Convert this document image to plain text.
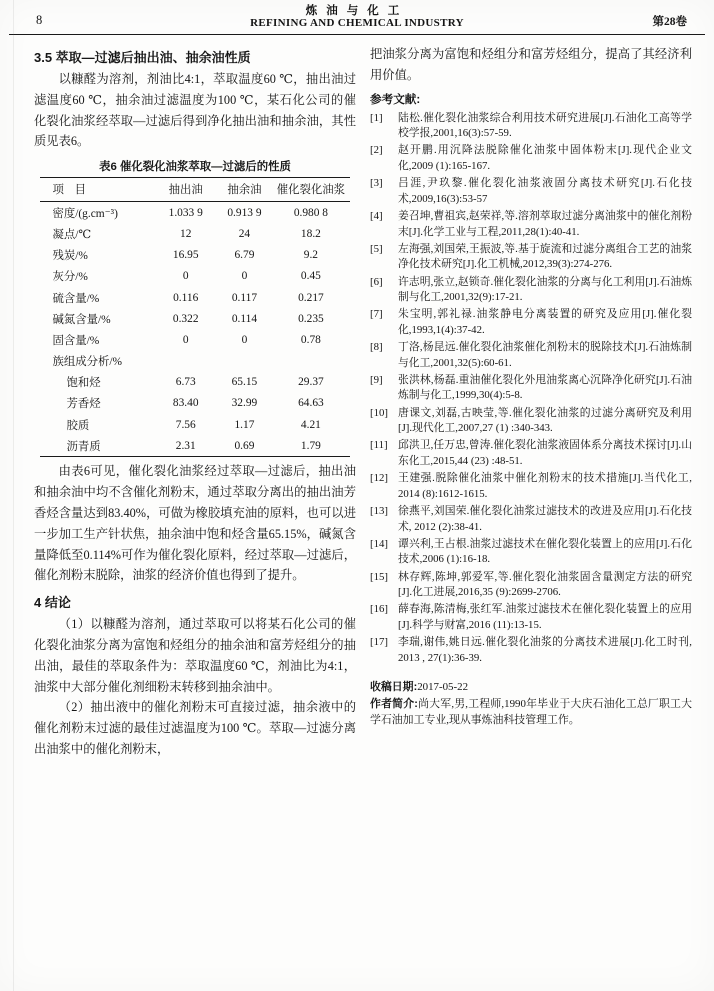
炼油与化工
REFINING AND CHEMICAL INDUSTRY
8	第28卷
3.5 萃取—过滤后抽出油、抽余油性质

以糠醛为溶剂，剂油比4:1，萃取温度60 ℃，抽出油过滤温度60 ℃，抽余油过滤温度为100 ℃，某石化公司的催化裂化油浆经萃取—过滤后得到净化抽出油和抽余油，其性质见表6。

表6 催化裂化油浆萃取—过滤后的性质
项 目	抽出油	抽余油	催化裂化油浆
密度/(g.cm⁻³)	1.033 9	0.913 9	0.980 8
凝点/℃	12	24	18.2
残炭/%	16.95	6.79	9.2
灰分/%	0	0	0.45
硫含量/%	0.116	0.117	0.217
碱氮含量/%	0.322	0.114	0.235
固含量/%	0	0	0.78
族组成分析/%			
饱和烃	6.73	65.15	29.37
芳香烃	83.40	32.99	64.63
胶质	7.56	1.17	4.21
沥青质	2.31	0.69	1.79

由表6可见，催化裂化油浆经过萃取—过滤后，抽出油和抽余油中均不含催化剂粉末，通过萃取分离出的抽出油芳香烃含量达到83.40%，可做为橡胶填充油的原料，也可以进一步加工生产针状焦，抽余油中饱和烃含量65.15%，碱氮含量降低至0.114%可作为催化裂化原料，经过萃取—过滤后，催化剂粉末脱除，油浆的经济价值也得到了提升。

4 结论

（1）以糠醛为溶剂，通过萃取可以将某石化公司的催化裂化油浆分离为富饱和烃组分的抽余油和富芳烃组分的抽出油，最佳的萃取条件为：萃取温度60 ℃，剂油比为4:1，油浆中大部分催化剂细粉末转移到抽余油中。

（2）抽出液中的催化剂粉末可直接过滤，抽余液中的催化剂粉末过滤的最佳过滤温度为100 ℃。萃取—过滤分离出油浆中的催化剂粉末，

把油浆分离为富饱和烃组分和富芳烃组分，提高了其经济利用价值。

参考文献:
[1]	陆松.催化裂化油浆综合利用技术研究进展[J].石油化工高等学校学报,2001,16(3):57-59.
[2]	赵开鹏.用沉降法脱除催化油浆中固体粉末[J].现代企业文化,2009 (1):165-167.
[3]	吕涯,尹玖黎.催化裂化油浆液固分离技术研究[J].石化技术,2009,16(3):53-57
[4]	姜召坤,曹祖宾,赵荣祥,等.溶剂萃取过滤分离油浆中的催化剂粉末[J].化学工业与工程,2011,28(1):40-41.
[5]	左海强,刘国荣,王振波,等.基于旋流和过滤分离组合工艺的油浆净化技术研究[J].化工机械,2012,39(3):274-276.
[6]	许志明,张立,赵锁奇.催化裂化油浆的分离与化工利用[J].石油炼制与化工,2001,32(9):17-21.
[7]	朱宝明,郭礼禄.油浆静电分离装置的研究及应用[J].催化裂化,1993,1(4):37-42.
[8]	丁洛,杨昆远.催化裂化油浆催化剂粉末的脱除技术[J].石油炼制与化工,2001,32(5):60-61.
[9]	张洪林,杨磊.重油催化裂化外甩油浆离心沉降净化研究[J].石油炼制与化工,1999,30(4):5-8.
[10] 唐课文,刘磊,古映莹,等.催化裂化油浆的过滤分离研究及利用[J].现代化工,2007,27 (1) :340-343.
[11] 邱洪卫,任万忠,曾涛.催化裂化油浆液固体系分离技术探讨[J].山东化工,2015,44 (23) :48-51.
[12] 王建强.脱除催化油浆中催化剂粉末的技术措施[J].当代化工, 2014 (8):1612-1615.
[13] 徐燕平,刘国荣.催化裂化油浆过滤技术的改进及应用[J].石化技术, 2012 (2):38-41.
[14] 谭兴利,王占根.油浆过滤技术在催化裂化装置上的应用[J].石化技术,2006 (1):16-18.
[15] 林存辉,陈坤,郭爱军,等.催化裂化油浆固含量测定方法的研究[J].化工进展,2016,35 (9):2699-2706.
[16] 薛春海,陈清梅,张红军.油浆过滤技术在催化裂化装置上的应用[J].科学与财富,2016 (11):13-15.
[17] 李瑞,谢伟,姚日远.催化裂化油浆的分离技术进展[J].化工时刊, 2013 , 27(1):36-39.
收稿日期:2017-05-22
作者简介:尚大军,男,工程师,1990年毕业于大庆石油化工总厂职工大学石油加工专业,现从事炼油科技管理工作。
